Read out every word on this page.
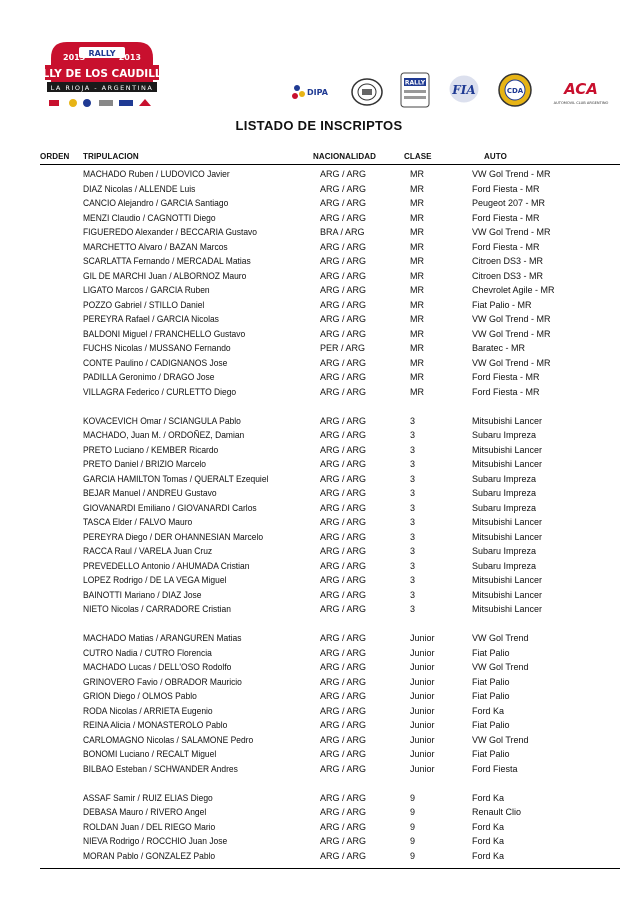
RALLY
2013	2013
RALLY DE LOS CAUDILLOS
LA RIOJA - ARGENTINA	DIPA
RALLY FIA	CDA	ACA
AUTOMOVIL CLUB ARGENTINO
LISTADO DE INSCRIPTOS
ORDEN TRIPULACION	NACIONALIDAD	CLASE	AUTO
MACHADO Ruben / LUDOVICO Javier	ARG / ARG	MR	VW Gol Trend - MR
DIAZ Nicolas / ALLENDE Luis	ARG / ARG	MR	Ford Fiesta - MR
CANCIO Alejandro / GARCIA Santiago	ARG / ARG	MR	Peugeot 207 - MR
MENZI Claudio / CAGNOTTI Diego	ARG / ARG	MR	Ford Fiesta - MR
FIGUEREDO Alexander / BECCARIA Gustavo	BRA / ARG	MR	VW Gol Trend - MR
MARCHETTO Alvaro / BAZAN Marcos	ARG / ARG	MR	Ford Fiesta - MR
SCARLATTA Fernando / MERCADAL Matias	ARG / ARG	MR	Citroen DS3 - MR
GIL DE MARCHI Juan / ALBORNOZ Mauro	ARG / ARG	MR	Citroen DS3 - MR
LIGATO Marcos / GARCIA Ruben	ARG / ARG	MR	Chevrolet Agile - MR
POZZO Gabriel / STILLO Daniel	ARG / ARG	MR	Fiat Palio - MR
PEREYRA Rafael / GARCIA Nicolas	ARG / ARG	MR	VW Gol Trend - MR
BALDONI Miguel / FRANCHELLO Gustavo	ARG / ARG	MR	VW Gol Trend - MR
FUCHS Nicolas / MUSSANO Fernando	PER / ARG	MR	Baratec - MR
CONTE Paulino / CADIGNANOS Jose	ARG / ARG	MR	VW Gol Trend - MR
PADILLA Geronimo / DRAGO Jose	ARG / ARG	MR	Ford Fiesta - MR
VILLAGRA Federico / CURLETTO Diego	ARG / ARG	MR	Ford Fiesta - MR
KOVACEVICH Omar / SCIANGULA Pablo	ARG / ARG	3	Mitsubishi Lancer
MACHADO, Juan M. / ORDOÑEZ, Damian	ARG / ARG	3	Subaru Impreza
PRETO Luciano / KEMBER Ricardo	ARG / ARG	3	Mitsubishi Lancer
PRETO Daniel / BRIZIO Marcelo	ARG / ARG	3	Mitsubishi Lancer
GARCIA HAMILTON Tomas / QUERALT Ezequiel	ARG / ARG	3	Subaru Impreza
BEJAR Manuel / ANDREU Gustavo	ARG / ARG	3	Subaru Impreza
GIOVANARDI Emiliano / GIOVANARDI Carlos	ARG / ARG	3	Subaru Impreza
TASCA Elder / FALVO Mauro	ARG / ARG	3	Mitsubishi Lancer
PEREYRA Diego / DER OHANNESIAN Marcelo	ARG / ARG	3	Mitsubishi Lancer
RACCA Raul / VARELA Juan Cruz	ARG / ARG	3	Subaru Impreza
PREVEDELLO Antonio / AHUMADA Cristian	ARG / ARG	3	Subaru Impreza
LOPEZ Rodrigo / DE LA VEGA Miguel	ARG / ARG	3	Mitsubishi Lancer
BAINOTTI Mariano / DIAZ Jose	ARG / ARG	3	Mitsubishi Lancer
NIETO Nicolas / CARRADORE Cristian	ARG / ARG	3	Mitsubishi Lancer
MACHADO Matias / ARANGUREN Matias	ARG / ARG	Junior	VW Gol Trend
CUTRO Nadia / CUTRO Florencia	ARG / ARG	Junior	Fiat Palio
MACHADO Lucas / DELL'OSO Rodolfo	ARG / ARG	Junior	VW Gol Trend
GRINOVERO Favio / OBRADOR Mauricio	ARG / ARG	Junior	Fiat Palio
GRION Diego / OLMOS Pablo	ARG / ARG	Junior	Fiat Palio
RODA Nicolas / ARRIETA Eugenio	ARG / ARG	Junior	Ford Ka
REINA Alicia / MONASTEROLO Pablo	ARG / ARG	Junior	Fiat Palio
CARLOMAGNO Nicolas / SALAMONE Pedro	ARG / ARG	Junior	VW Gol Trend
BONOMI Luciano / RECALT Miguel	ARG / ARG	Junior	Fiat Palio
BILBAO Esteban / SCHWANDER Andres	ARG / ARG	Junior	Ford Fiesta
ASSAF Samir / RUIZ ELIAS Diego	ARG / ARG	9	Ford Ka
DEBASA Mauro / RIVERO Angel	ARG / ARG	9	Renault Clio
ROLDAN Juan / DEL RIEGO Mario	ARG / ARG	9	Ford Ka
NIEVA Rodrigo / ROCCHIO Juan Jose	ARG / ARG	9	Ford Ka
MORAN Pablo / GONZALEZ Pablo	ARG / ARG	9	Ford Ka
